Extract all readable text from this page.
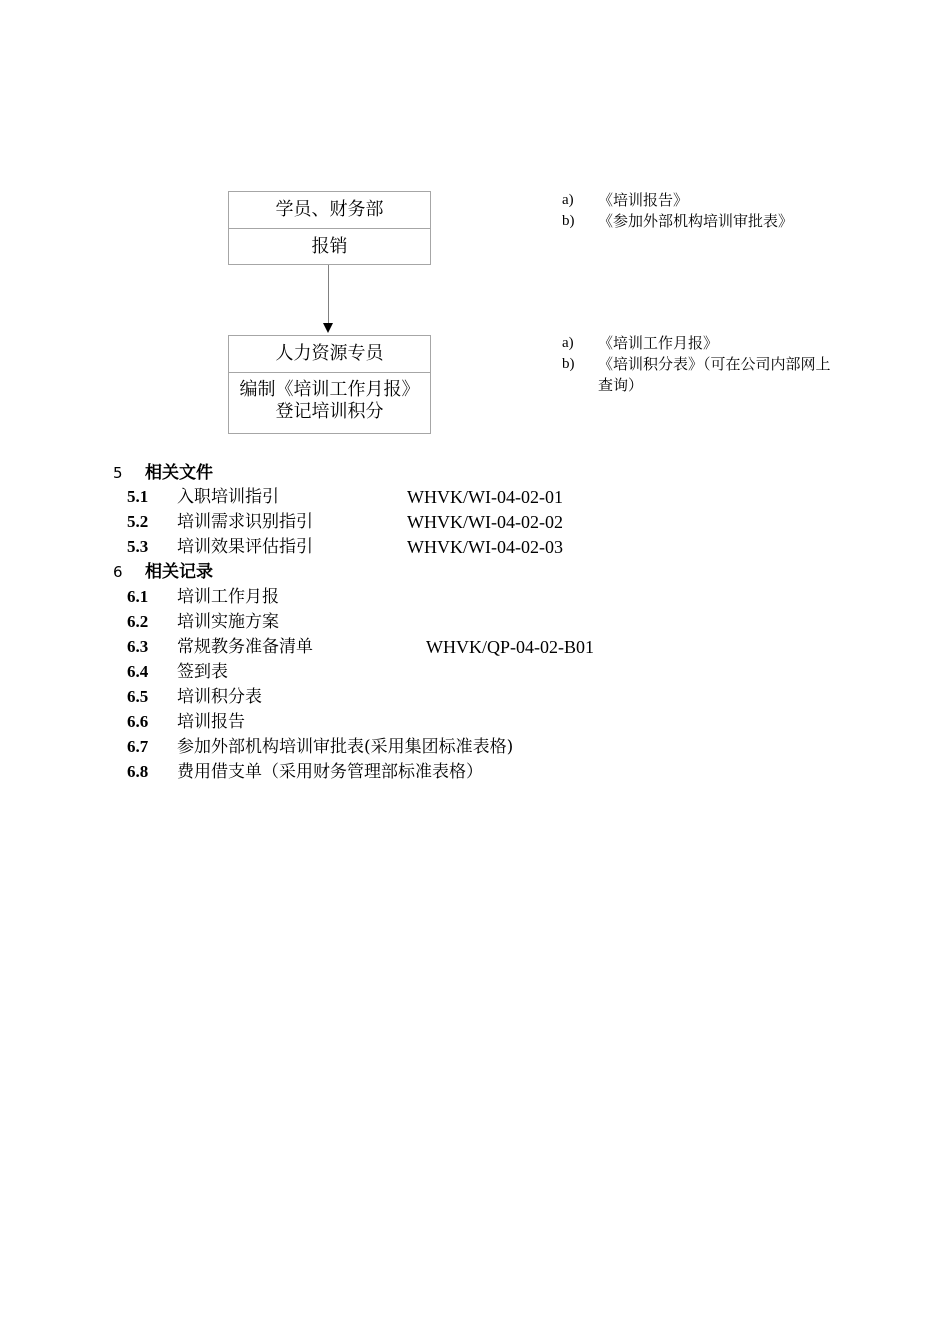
学员、财务部
报销
人力资源专员
编制《培训工作月报》
登记培训积分
a)	《培训报告》
b)	《参加外部机构培训审批表》
a)	《培训工作月报》
b)	《培训积分表》（可在公司内部网上查询）
5 相关文件
5.1 入职培训指引	WHVK/WI-04-02-01
5.2 培训需求识别指引	WHVK/WI-04-02-02
5.3 培训效果评估指引	WHVK/WI-04-02-03
6 相关记录
6.1 培训工作月报
6.2 培训实施方案
6.3 常规教务准备清单	WHVK/QP-04-02-B01
6.4 签到表
6.5 培训积分表
6.6 培训报告
6.7 参加外部机构培训审批表(采用集团标准表格)
6.8 费用借支单（采用财务管理部标准表格）
